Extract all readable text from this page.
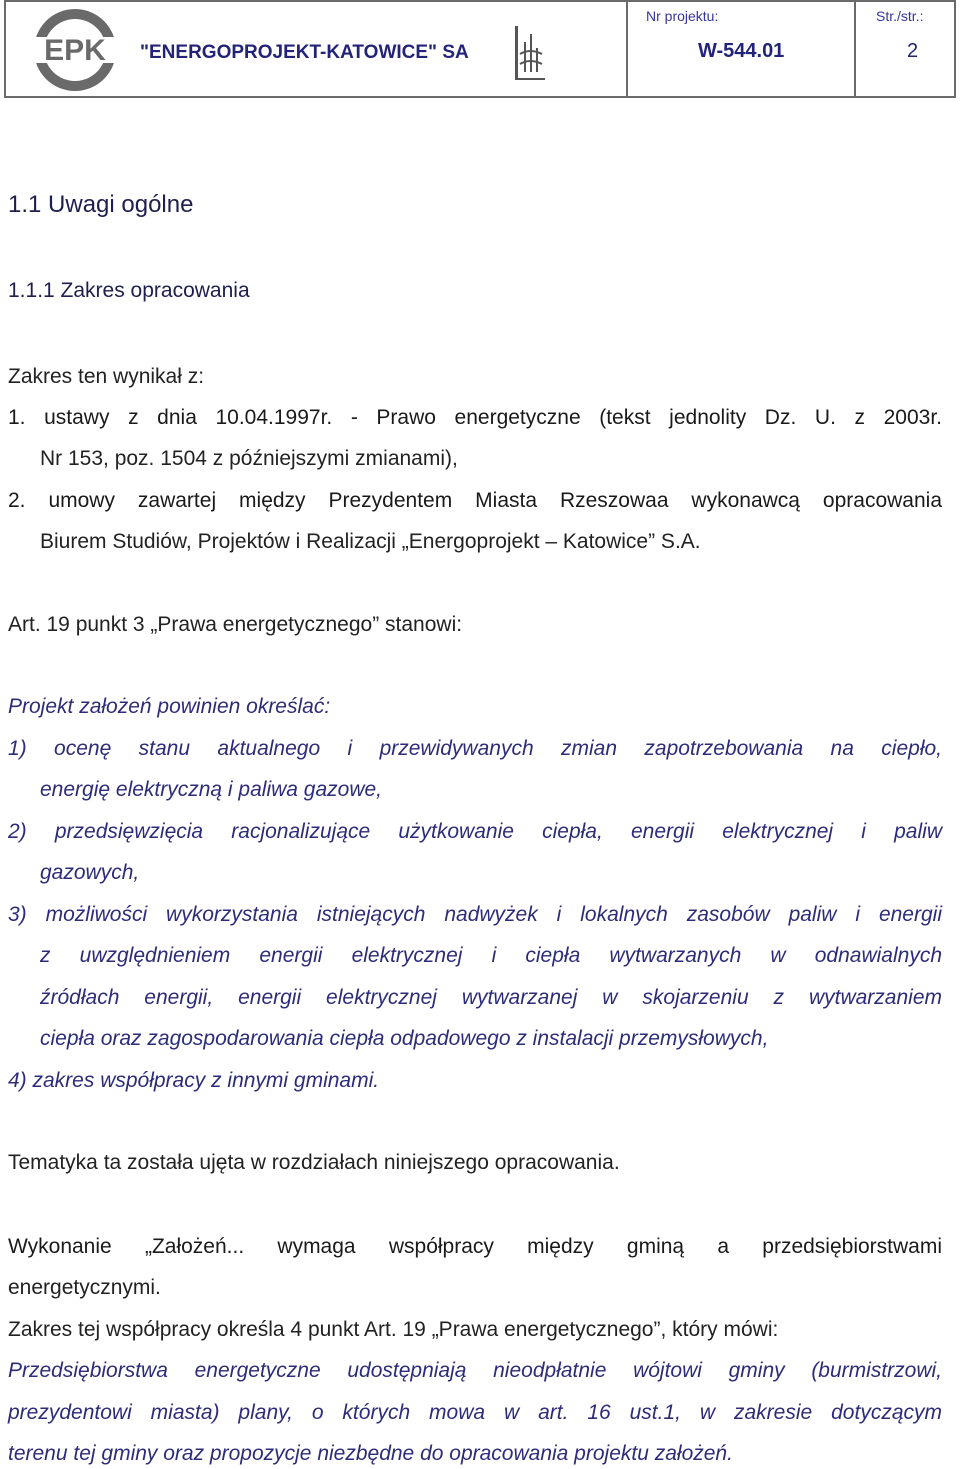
EPK "ENERGOPROJEKT-KATOWICE" SA
Nr projektu:
W-544.01
Str./str.:
2
1.1 Uwagi ogólne
1.1.1 Zakres opracowania
Zakres ten wynikał z:
1. ustawy z dnia 10.04.1997r. - Prawo energetyczne (tekst jednolity Dz. U. z 2003r.
Nr 153, poz. 1504 z późniejszymi zmianami),
2. umowy zawartej między Prezydentem Miasta Rzeszowaa wykonawcą opracowania
Biurem Studiów, Projektów i Realizacji „Energoprojekt – Katowice” S.A.
Art. 19 punkt 3 „Prawa energetycznego” stanowi:
Projekt założeń powinien określać:
1) ocenę stanu aktualnego i przewidywanych zmian zapotrzebowania na ciepło,
energię elektryczną i paliwa gazowe,
2) przedsięwzięcia racjonalizujące użytkowanie ciepła, energii elektrycznej i paliw
gazowych,
3) możliwości wykorzystania istniejących nadwyżek i lokalnych zasobów paliw i energii
z uwzględnieniem energii elektrycznej i ciepła wytwarzanych w odnawialnych
źródłach energii, energii elektrycznej wytwarzanej w skojarzeniu z wytwarzaniem
ciepła oraz zagospodarowania ciepła odpadowego z instalacji przemysłowych,
4) zakres współpracy z innymi gminami.
Tematyka ta została ujęta w rozdziałach niniejszego opracowania.
Wykonanie „Założeń... wymaga współpracy między gminą a przedsiębiorstwami
energetycznymi.
Zakres tej współpracy określa 4 punkt Art. 19 „Prawa energetycznego”, który mówi:
Przedsiębiorstwa energetyczne udostępniają nieodpłatnie wójtowi gminy (burmistrzowi,
prezydentowi miasta) plany, o których mowa w art. 16 ust.1, w zakresie dotyczącym
terenu tej gminy oraz propozycje niezbędne do opracowania projektu założeń.
